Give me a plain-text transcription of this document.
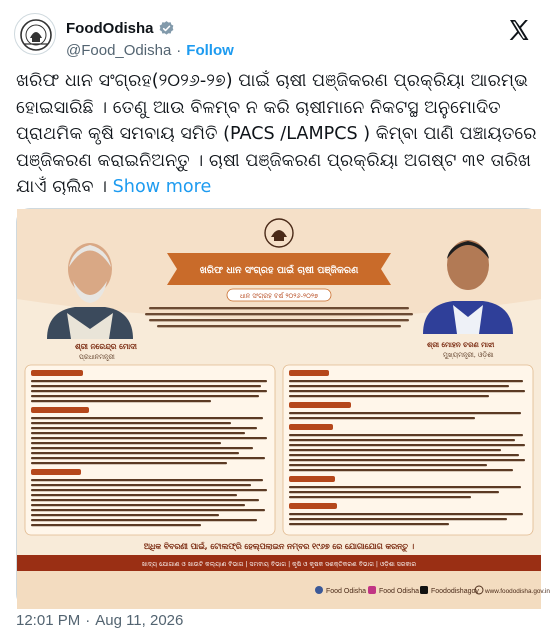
FoodOdisha
@Food_Odisha · Follow
ଖରିଫ ଧାନ ସଂଗ୍ରହ(୨୦୨୬-୨୭) ପାଇଁ ଚାଷୀ ପଞ୍ଜିକରଣ ପ୍ରକ୍ରିୟା ଆରମ୍ଭ ହୋଇସାରିଛି । ତେଣୁ ଆଉ ବିଳମ୍ବ ନ କରି ଚାଷୀମାନେ ନିକଟସ୍ଥ ଅନୁମୋଦିତ ପ୍ରାଥମିକ କୃଷି ସମବାୟ ସମିତି (PACS /LAMPCS ) କିମ୍ବା ପାଣି ପଞ୍ଚାୟତରେ ପଞ୍ଜିକରଣ କରାଇନିଅନ୍ତୁ । ଚାଷୀ ପଞ୍ଜିକରଣ ପ୍ରକ୍ରିୟା ଅଗଷ୍ଟ ୩୧ ତାରିଖ ଯାଏଁ ଚାଲିବ । Show more
ଶ୍ରୀ ନରେନ୍ଦ୍ର ମୋଦୀ
ପ୍ରଧାନମନ୍ତ୍ରୀ
ଶ୍ରୀ ମୋହନ ଚରଣ ମାଝୀ
ମୁଖ୍ୟମନ୍ତ୍ରୀ, ଓଡ଼ିଶା
ଖରିଫ ଧାନ ସଂଗ୍ରହ ପାଇଁ ଚାଷୀ ପଞ୍ଜିକରଣ
ଧାନ ସଂଗ୍ରହ ବର୍ଷ ୨୦୨୬-୨୦୨୭
ଅଧିକ ବିବରଣୀ ପାଇଁ, ଟୋଲଫ୍ରି ହେଲ୍‌ପଲାଇନ ନମ୍ବର ୧୯୬୭ ରେ ଯୋଗାଯୋଗ କରନ୍ତୁ ।
ଖାଦ୍ୟ ଯୋଗାଣ ଓ ଖାଉଟି କଲ୍ୟାଣ ବିଭାଗ | ସମବାୟ ବିଭାଗ | କୃଷି ଓ କୃଷକ ସଶକ୍ତିକରଣ ବିଭାଗ | ଓଡ଼ିଶା ସରକାର
Food Odisha Food Odisha Foododishagov www.foododisha.gov.in
12:01 PM · Aug 11, 2026
